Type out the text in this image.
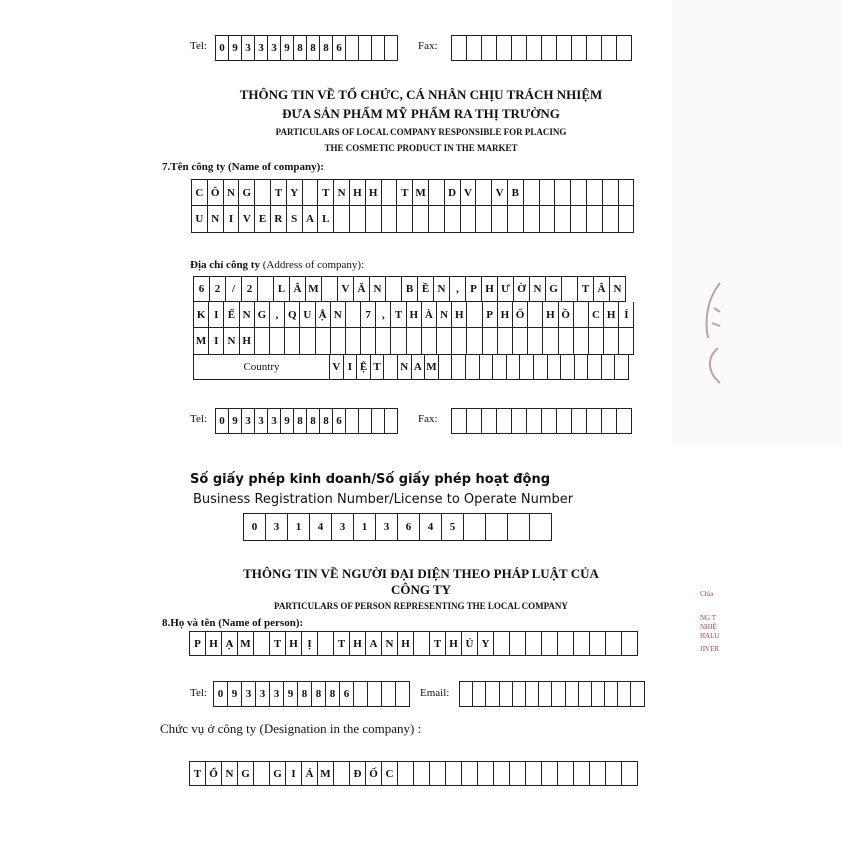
Tel: 0 9 3 3 3 9 8 8 8 6	Fax:
THÔNG TIN VỀ TỔ CHỨC, CÁ NHÂN CHỊU TRÁCH NHIỆM
ĐƯA SẢN PHẨM MỸ PHẨM RA THỊ TRƯỜNG
PARTICULARS OF LOCAL COMPANY RESPONSIBLE FOR PLACING
THE COSMETIC PRODUCT IN THE MARKET
7.Tên công ty (Name of company):
C Ô N G	T Y	T N H H	T M	D V	V B
U N I V E R S A L
Địa chỉ công ty (Address of company):
6 2	/	2	L Â M	V Ă N	B Ề N ,	P H Ư Ờ N G	T Â N
K I Ể N G , Q U Ậ N	7	, T H À N H	P H Ố	H Ồ	C H Í
M I N H
Country	V I Ệ T	N A M
Tel: 0 9 3 3 3 9 8 8 8 6	Fax:
Số giấy phép kinh doanh/Số giấy phép hoạt động
Business Registration Number/License to Operate Number
0	3	1	4	3	1	3	6	4	5
THÔNG TIN VỀ NGƯỜI ĐẠI DIỆN THEO PHÁP LUẬT CỦA
CÔNG TY
PARTICULARS OF PERSON REPRESENTING THE LOCAL COMPANY
8.Họ và tên (Name of person):
P H Ạ M	T H Ị	T H A N H	T H Ủ Y
Tel: 0 9 3 3 3 9 8 8 8 6	Email:
Chức vụ ở công ty (Designation in the company) :
T Ổ N G	G I Á M	Đ Ố C
Chìa
NG T
NHIỆ
HALU
JIVER
